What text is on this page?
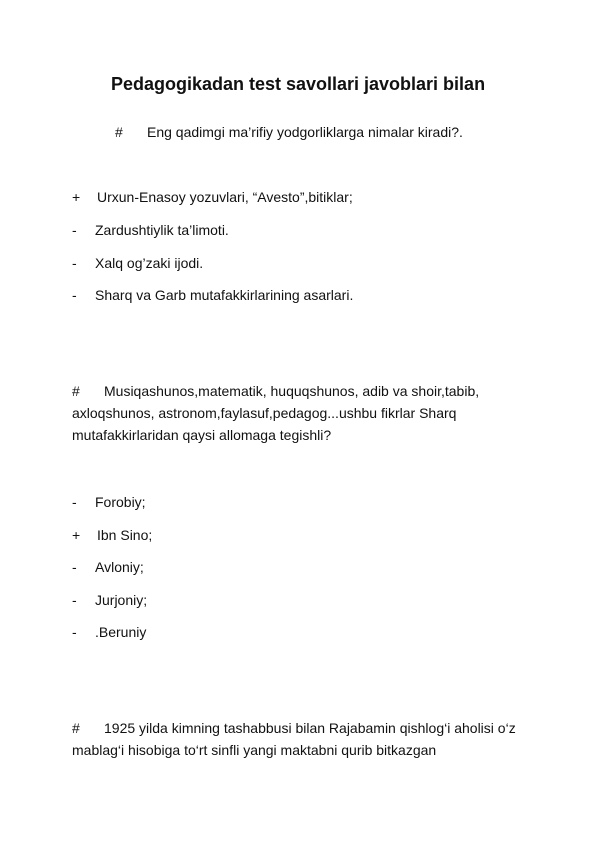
Pedagogikadan test savollari javoblari bilan
# Eng qadimgi ma’rifiy yodgorliklarga nimalar kiradi?.
+ Urxun-Enasoy yozuvlari, “Avesto”,bitiklar;
- Zardushtiylik ta’limoti.
- Xalq og’zaki ijodi.
- Sharq va Garb mutafakkirlarining asarlari.
# Musiqashunos,matematik, huquqshunos, adib va shoir,tabib, axloqshunos, astronom,faylasuf,pedagog...ushbu fikrlar Sharq mutafakkirlaridan qaysi allomaga tegishli?
- Forobiy;
+ Ibn Sino;
- Avloniy;
- Jurjoniy;
- .Beruniy
# 1925 yilda kimning tashabbusi bilan Rajabamin qishlog‘i aholisi o‘z mablag‘i hisobiga to‘rt sinfli yangi maktabni qurib bitkazgan
